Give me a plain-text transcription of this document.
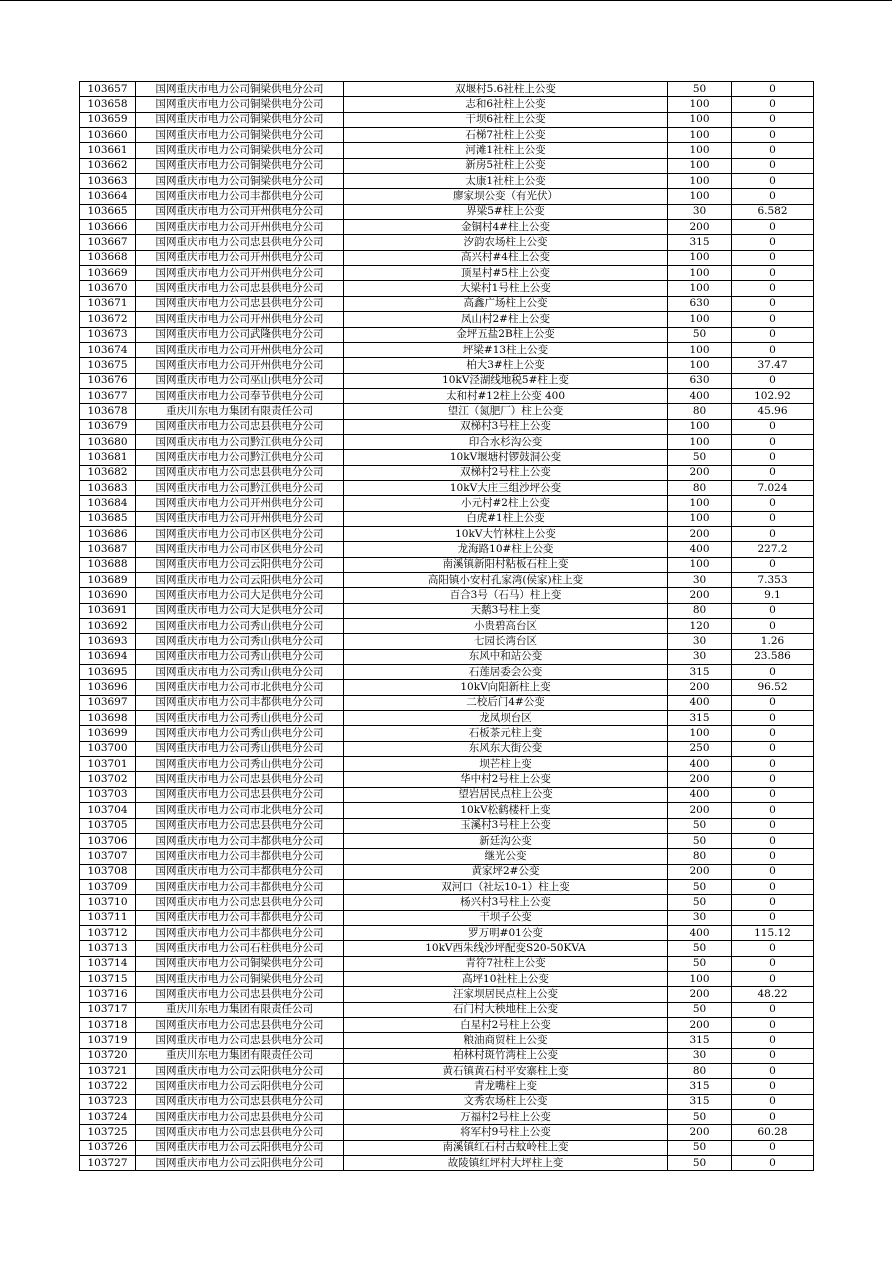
103657	国网重庆市电力公司铜梁供电分公司	双堰村5.6社柱上公变	50	0
103658	国网重庆市电力公司铜梁供电分公司	志和6社柱上公变	100	0
103659	国网重庆市电力公司铜梁供电分公司	干坝6社柱上公变	100	0
103660	国网重庆市电力公司铜梁供电分公司	石梯7社柱上公变	100	0
103661	国网重庆市电力公司铜梁供电分公司	河滩1社柱上公变	100	0
103662	国网重庆市电力公司铜梁供电分公司	新房5社柱上公变	100	0
103663	国网重庆市电力公司铜梁供电分公司	太康1社柱上公变	100	0
103664	国网重庆市电力公司丰都供电分公司	廖家坝公变（有光伏）	100	0
103665	国网重庆市电力公司开州供电分公司	界梁5#柱上公变	30	6.582
103666	国网重庆市电力公司开州供电分公司	金铜村4#柱上公变	200	0
103667	国网重庆市电力公司忠县供电分公司	汐韵农场柱上公变	315	0
103668	国网重庆市电力公司开州供电分公司	高兴村#4柱上公变	100	0
103669	国网重庆市电力公司开州供电分公司	顶星村#5柱上公变	100	0
103670	国网重庆市电力公司忠县供电分公司	大梁村1号柱上公变	100	0
103671	国网重庆市电力公司忠县供电分公司	高鑫广场柱上公变	630	0
103672	国网重庆市电力公司开州供电分公司	凤山村2#柱上公变	100	0
103673	国网重庆市电力公司武隆供电分公司	金坪五盐2B柱上公变	50	0
103674	国网重庆市电力公司开州供电分公司	坪梁#13柱上公变	100	0
103675	国网重庆市电力公司开州供电分公司	柏大3#柱上公变	100	37.47
103676	国网重庆市电力公司巫山供电分公司	10kV泾湖线地税5#柱上变	630	0
103677	国网重庆市电力公司奉节供电分公司	太和村#12柱上公变 400	400	102.92
103678	重庆川东电力集团有限责任公司	望江（氮肥厂）柱上公变	80	45.96
103679	国网重庆市电力公司忠县供电分公司	双梯村3号柱上公变	100	0
103680	国网重庆市电力公司黔江供电分公司	印合水杉沟公变	100	0
103681	国网重庆市电力公司黔江供电分公司	10kV堰塘村锣鼓洞公变	50	0
103682	国网重庆市电力公司忠县供电分公司	双梯村2号柱上公变	200	0
103683	国网重庆市电力公司黔江供电分公司	10kV大庄三组沙坪公变	80	7.024
103684	国网重庆市电力公司开州供电分公司	小元村#2柱上公变	100	0
103685	国网重庆市电力公司开州供电分公司	白虎#1柱上公变	100	0
103686	国网重庆市电力公司市区供电分公司	10kV大竹林柱上公变	200	0
103687	国网重庆市电力公司市区供电分公司	龙海路10#柱上公变	400	227.2
103688	国网重庆市电力公司云阳供电分公司	南溪镇新阳村粘板石柱上变	100	0
103689	国网重庆市电力公司云阳供电分公司	高阳镇小安村孔家湾(侯家)柱上变	30	7.353
103690	国网重庆市电力公司大足供电分公司	百合3号（石马）柱上变	200	9.1
103691	国网重庆市电力公司大足供电分公司	天鹅3号柱上变	80	0
103692	国网重庆市电力公司秀山供电分公司	小贵碧高台区	120	0
103693	国网重庆市电力公司秀山供电分公司	七园长湾台区	30	1.26
103694	国网重庆市电力公司秀山供电分公司	东风中和站公变	30	23.586
103695	国网重庆市电力公司秀山供电分公司	石莲居委会公变	315	0
103696	国网重庆市电力公司市北供电分公司	10kV向阳新柱上变	200	96.52
103697	国网重庆市电力公司丰都供电分公司	二校后门4#公变	400	0
103698	国网重庆市电力公司秀山供电分公司	龙凤坝台区	315	0
103699	国网重庆市电力公司秀山供电分公司	石板茶元柱上变	100	0
103700	国网重庆市电力公司秀山供电分公司	东风东大街公变	250	0
103701	国网重庆市电力公司秀山供电分公司	坝芒柱上变	400	0
103702	国网重庆市电力公司忠县供电分公司	华中村2号柱上公变	200	0
103703	国网重庆市电力公司忠县供电分公司	望岩居民点柱上公变	400	0
103704	国网重庆市电力公司市北供电分公司	10kV松鹤楼杆上变	200	0
103705	国网重庆市电力公司忠县供电分公司	玉溪村3号柱上公变	50	0
103706	国网重庆市电力公司丰都供电分公司	新廷沟公变	50	0
103707	国网重庆市电力公司丰都供电分公司	继光公变	80	0
103708	国网重庆市电力公司丰都供电分公司	黄家坪2#公变	200	0
103709	国网重庆市电力公司丰都供电分公司	双河口（社坛10-1）柱上变	50	0
103710	国网重庆市电力公司忠县供电分公司	杨兴村3号柱上公变	50	0
103711	国网重庆市电力公司丰都供电分公司	干坝子公变	30	0
103712	国网重庆市电力公司丰都供电分公司	罗万明#01公变	400	115.12
103713	国网重庆市电力公司石柱供电分公司	10kV西朱线沙坪配变S20-50KVA	50	0
103714	国网重庆市电力公司铜梁供电分公司	青符7社柱上公变	50	0
103715	国网重庆市电力公司铜梁供电分公司	高坪10社柱上公变	100	0
103716	国网重庆市电力公司忠县供电分公司	汪家坝居民点柱上公变	200	48.22
103717	重庆川东电力集团有限责任公司	石门村大秧地柱上公变	50	0
103718	国网重庆市电力公司忠县供电分公司	白星村2号柱上公变	200	0
103719	国网重庆市电力公司忠县供电分公司	粮油商贸柱上公变	315	0
103720	重庆川东电力集团有限责任公司	柏林村斑竹湾柱上公变	30	0
103721	国网重庆市电力公司云阳供电分公司	黄石镇黄石村平安寨柱上变	80	0
103722	国网重庆市电力公司云阳供电分公司	青龙嘴柱上变	315	0
103723	国网重庆市电力公司忠县供电分公司	文秀农场柱上公变	315	0
103724	国网重庆市电力公司忠县供电分公司	万福村2号柱上公变	50	0
103725	国网重庆市电力公司忠县供电分公司	将军村9号柱上公变	200	60.28
103726	国网重庆市电力公司云阳供电分公司	南溪镇红石村古蚊岭柱上变	50	0
103727	国网重庆市电力公司云阳供电分公司	故陵镇红坪村大坪柱上变	50	0
